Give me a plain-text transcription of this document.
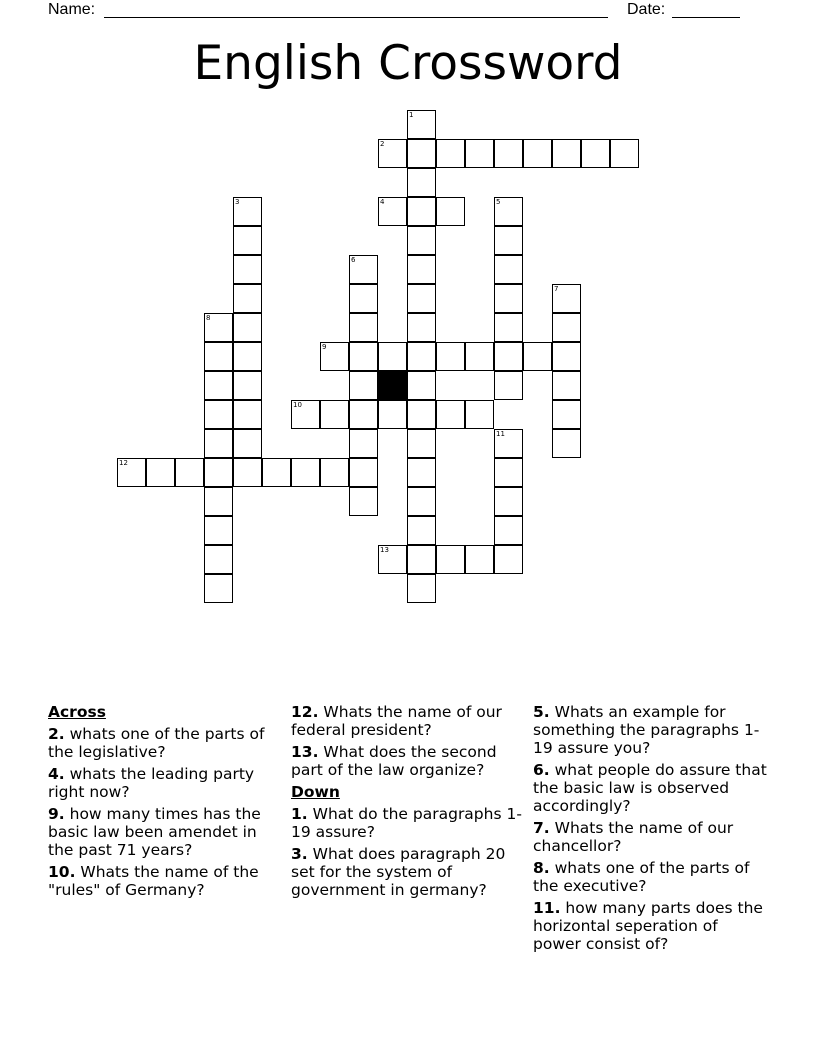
Name:	Date:
English Crossword
1
2
3	4	5
6
7
8
9
10
11
12
13
Across
2. whats one of the parts of the legislative?
4. whats the leading party right now?
9. how many times has the basic law been amendet in the past 71 years?
10. Whats the name of the "rules" of Germany?
12. Whats the name of our federal president?
13. What does the second part of the law organize?
Down
1. What do the paragraphs 1-19 assure?
3. What does paragraph 20 set for the system of government in germany?
5. Whats an example for something the paragraphs 1-19 assure you?
6. what people do assure that the basic law is observed accordingly?
7. Whats the name of our chancellor?
8. whats one of the parts of the executive?
11. how many parts does the horizontal seperation of power consist of?
